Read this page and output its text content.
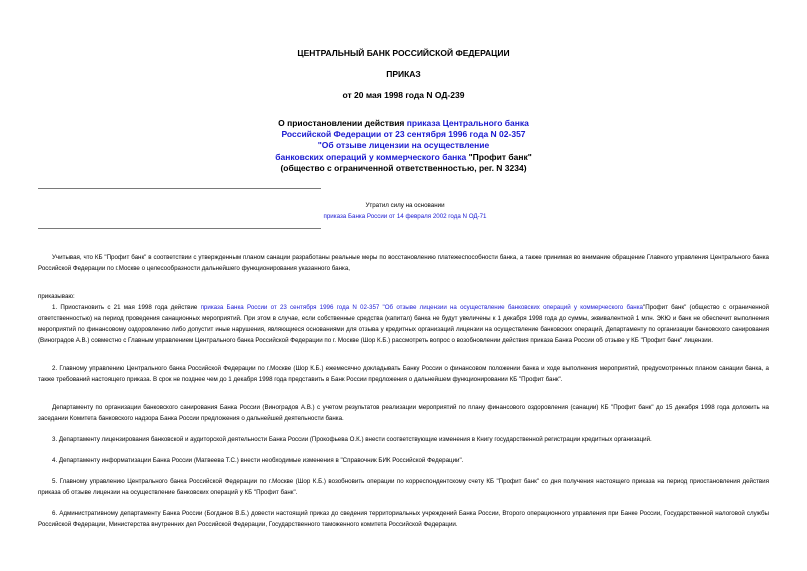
ЦЕНТРАЛЬНЫЙ БАНК РОССИЙСКОЙ ФЕДЕРАЦИИ
ПРИКАЗ
от 20 мая 1998 года N ОД-239
О приостановлении действия приказа Центрального банка
Российской Федерации от 23 сентября 1996 года N 02-357
"Об отзыве лицензии на осуществление
банковских операций у коммерческого банка "Профит банк"
(общество с ограниченной ответственностью, рег. N 3234)
Утратил силу на основании
приказа Банка России от 14 февраля 2002 года N ОД-71
Учитывая, что КБ "Профит банк" в соответствии с утвержденным планом санации разработаны реальные меры по восстановлению платежеспособности банка, а также принимая во внимание обращение Главного управления Центрального банка Российской Федерации по г.Москве о целесообразности дальнейшего функционирования указанного банка,
приказываю:
1. Приостановить с 21 мая 1998 года действие приказа Банка России от 23 сентября 1996 года N 02-357 "Об отзыве лицензии на осуществление банковских операций у коммерческого банка"Профит банк" (общество с ограниченной ответственностью) на период проведения санационных мероприятий. При этом в случае, если собственные средства (капитал) банка не будут увеличены к 1 декабря 1998 года до суммы, эквивалентной 1 млн. ЭКЮ и банк не обеспечит выполнения мероприятий по финансовому оздоровлению либо допустит иные нарушения, являющиеся основаниями для отзыва у кредитных организаций лицензии на осуществление банковских операций, Департаменту по организации банковского санирования (Виноградов А.В.) совместно с Главным управлением Центрального банка Российской Федерации по г. Москве (Шор К.Б.) рассмотреть вопрос о возобновлении действия приказа Банка России об отзыве у КБ "Профит банк" лицензии.
2. Главному управлению Центрального банка Российской Федерации по г.Москве (Шор К.Б.) ежемесячно докладывать Банку России о финансовом положении банка и ходе выполнения мероприятий, предусмотренных планом санации банка, а также требований настоящего приказа. В срок не позднее чем до 1 декабря 1998 года представить в Банк России предложения о дальнейшем функционировании КБ "Профит банк".
Департаменту по организации банковского санирования Банка России (Виноградов А.В.) с учетом результатов реализации мероприятий по плану финансового оздоровления (санации) КБ "Профит банк" до 15 декабря 1998 года доложить на заседании Комитета банковского надзора Банка России предложения о дальнейшей деятельности банка.
3. Департаменту лицензирования банковской и аудиторской деятельности Банка России (Прокофьева О.К.) внести соответствующие изменения в Книгу государственной регистрации кредитных организаций.
4. Департаменту информатизации Банка России (Матвеева Т.С.) внести необходимые изменения в "Справочник БИК Российской Федерации".
5. Главному управлению Центрального банка Российской Федерации по г.Москве (Шор К.Б.) возобновить операции по корреспондентскому счету КБ "Профит банк" со дня получения настоящего приказа на период приостановления действия приказа об отзыве лицензии на осуществление банковских операций у КБ "Профит банк".
6. Административному департаменту Банка России (Богданов В.Б.) довести настоящий приказ до сведения территориальных учреждений Банка России, Второго операционного управления при Банке России, Государственной налоговой службы Российской Федерации, Министерства внутренних дел Российской Федерации, Государственного таможенного комитета Российской Федерации.
